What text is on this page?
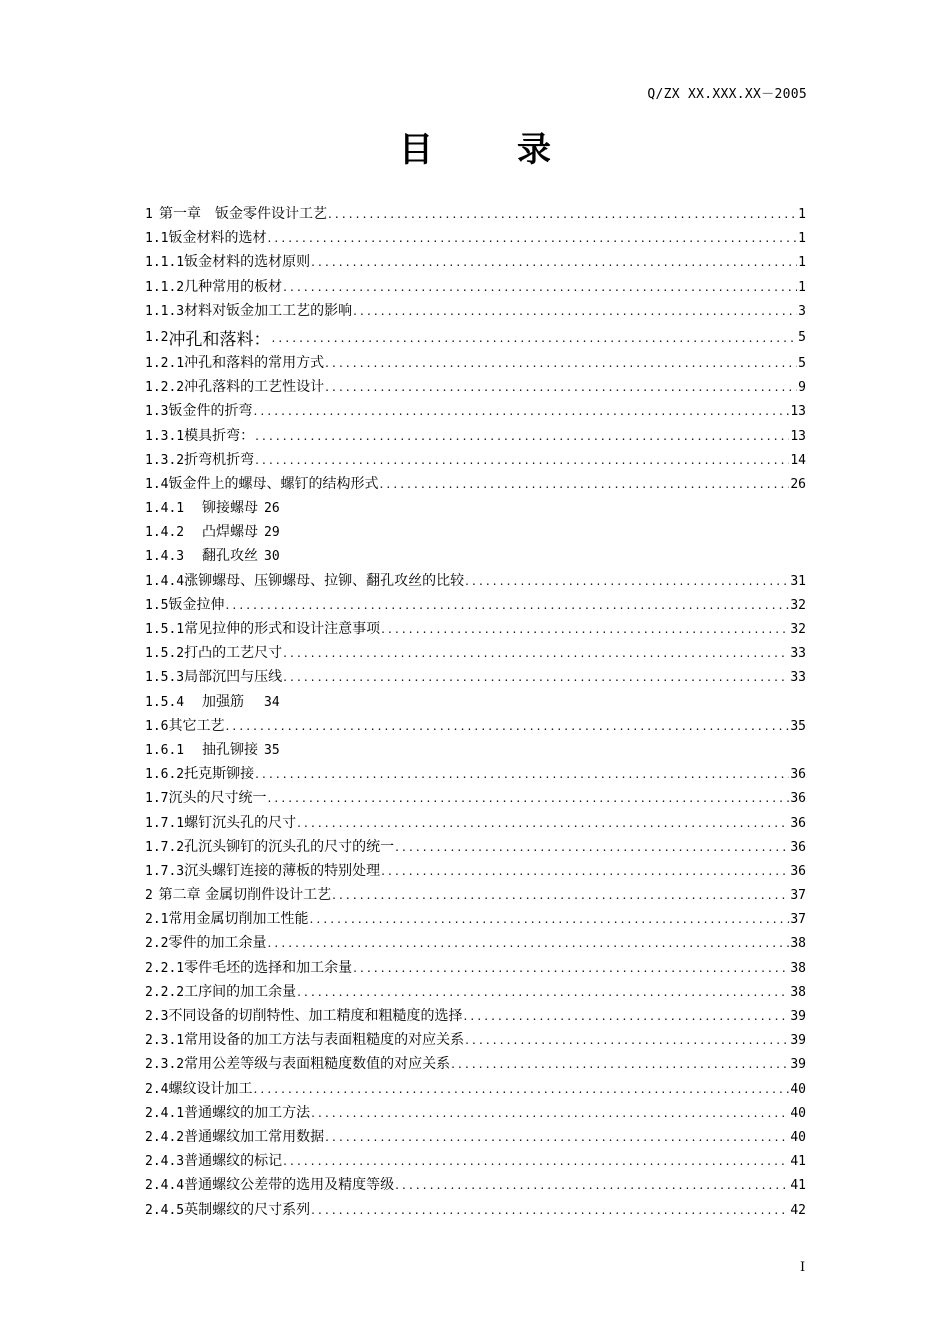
Q/ZX XX.XXX.XX－2005
目录
1 第一章　钣金零件设计工艺 .....	1
1.1 钣金材料的选材 .....	1
1.1.1 钣金材料的选材原则 .....	1
1.1.2 几种常用的板材 .....	1
1.1.3 材料对钣金加工工艺的影响 .....	3
1.2 冲孔和落料： .....	5
1.2.1 冲孔和落料的常用方式 .....	5
1.2.2 冲孔落料的工艺性设计 .....	9
1.3 钣金件的折弯 .....	13
1.3.1 模具折弯： .....	13
1.3.2 折弯机折弯 .....	14
1.4 钣金件上的螺母、螺钉的结构形式 .....	26
1.4.1	铆接螺母 26
1.4.2	凸焊螺母 29
1.4.3	翻孔攻丝 30
1.4.4 涨铆螺母、压铆螺母、拉铆、翻孔攻丝的比较 .....	31
1.5 钣金拉伸 .....	32
1.5.1 常见拉伸的形式和设计注意事项 .....	32
1.5.2 打凸的工艺尺寸 .....	33
1.5.3 局部沉凹与压线 .....	33
1.5.4	加强筋　 34
1.6 其它工艺 .....	35
1.6.1	抽孔铆接 35
1.6.2 托克斯铆接 .....	36
1.7 沉头的尺寸统一 .....	36
1.7.1 螺钉沉头孔的尺寸 .....	36
1.7.2 孔沉头铆钉的沉头孔的尺寸的统一 .....	36
1.7.3 沉头螺钉连接的薄板的特别处理 .....	36
2 第二章 金属切削件设计工艺 .....	37
2.1 常用金属切削加工性能 .....	37
2.2 零件的加工余量 .....	38
2.2.1 零件毛坯的选择和加工余量 .....	38
2.2.2 工序间的加工余量 .....	38
2.3 不同设备的切削特性、加工精度和粗糙度的选择 .....	39
2.3.1 常用设备的加工方法与表面粗糙度的对应关系 .....	39
2.3.2 常用公差等级与表面粗糙度数值的对应关系 .....	39
2.4 螺纹设计加工 .....	40
2.4.1 普通螺纹的加工方法 .....	40
2.4.2 普通螺纹加工常用数据 .....	40
2.4.3 普通螺纹的标记 .....	41
2.4.4 普通螺纹公差带的选用及精度等级 .....	41
2.4.5 英制螺纹的尺寸系列 .....	42
I
